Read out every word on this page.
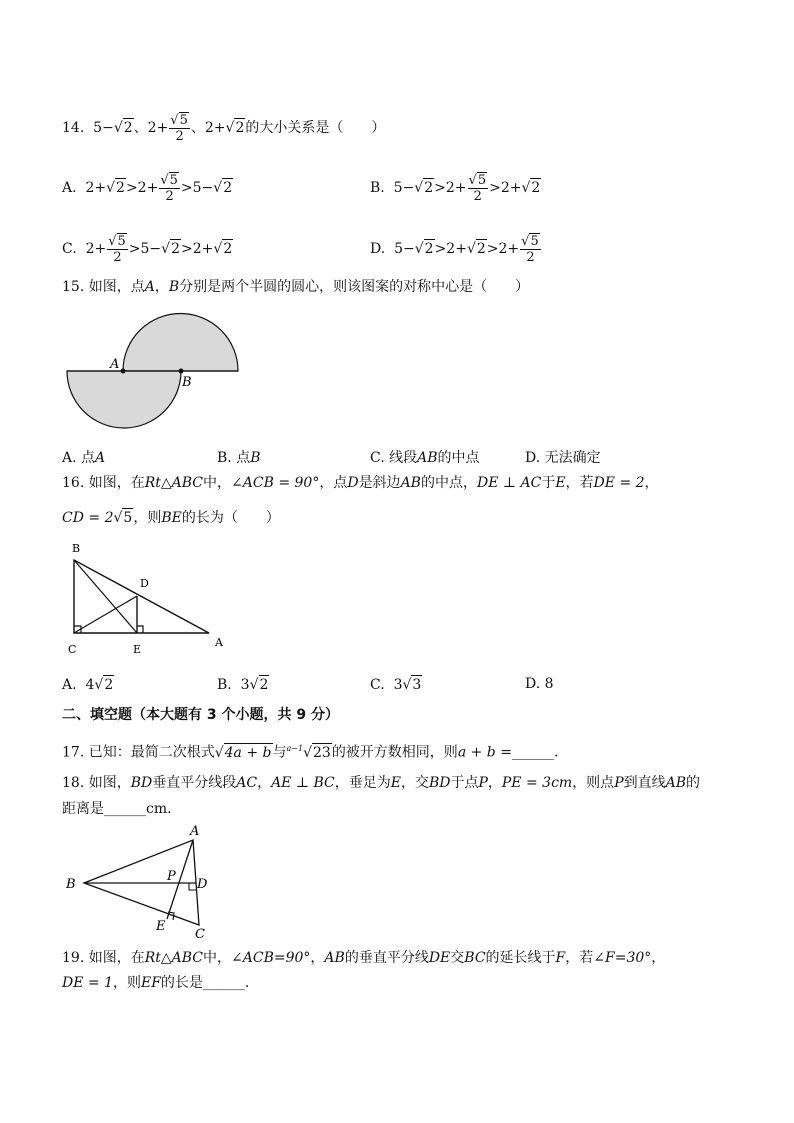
14. 5−√2、$2+ \frac{√5}{2}$ 、2+√2的大小关系是（　　）
A. $2+√2>2+ \frac{√5}{2} >5-√2$	B. $5-√2>2+ \frac{√5}{2} >2+√2$
C. $2+ \frac{√5}{2} >5-√2>2+√2$	D. $5-√2>2+√2>2+ \frac{√5}{2}$
15. 如图，点A，B分别是两个半圆的圆心，则该图案的对称中心是（　　）
A
B
A. 点A	B. 点B	C. 线段AB的中点	D. 无法确定
16. 如图，在Rt△ABC中，∠ACB = 90°，点D是斜边AB的中点，DE ⊥ AC于E，若DE = 2，
CD = 2√5，则BE的长为（　　）
B
D
C	E
A
A. 4√2	B. 3√2	C. 3√3	D. 8
二、填空题（本大题有 3 个小题，共 9 分）
17. 已知：最简二次根式√4a + b与$^{a-1}$√23的被开方数相同，则a + b =______.
18. 如图，BD垂直平分线段AC，AE ⊥ BC，垂足为E，交BD于点P，PE = 3cm，则点P到直线AB的
距离是______cm.
A
B
P
D
E
C
19. 如图，在Rt△ABC中，∠ACB=90°，AB的垂直平分线DE交BC的延长线于F，若∠F=30°，
DE = 1，则EF的长是______.
